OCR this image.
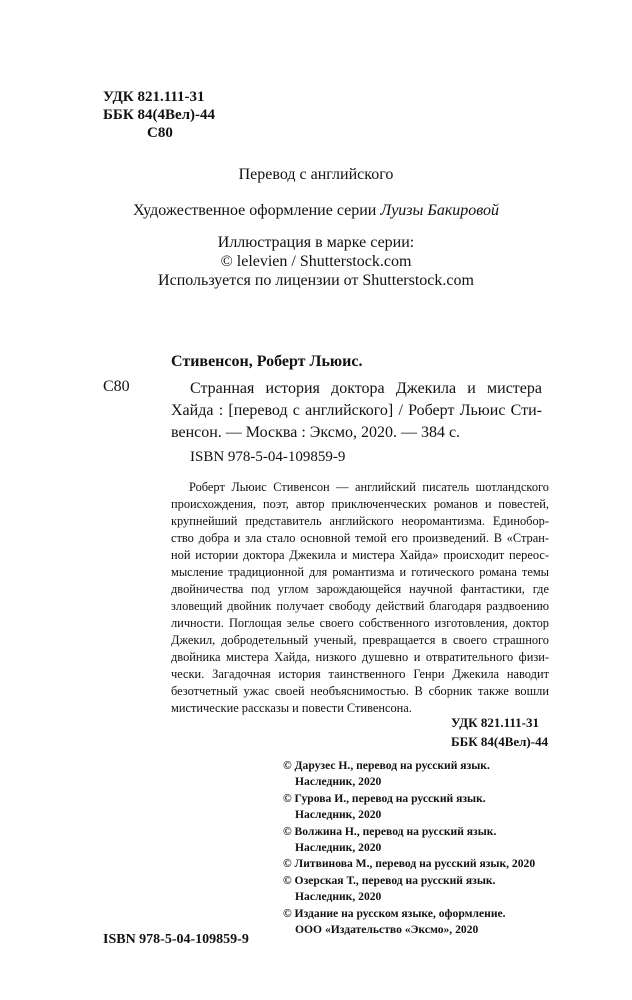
УДК 821.111-31
ББК 84(4Вел)-44
С80
Перевод с английского
Художественное оформление серии Луизы Бакировой
Иллюстрация в марке серии:
© lelevien / Shutterstock.com
Используется по лицензии от Shutterstock.com
Стивенсон, Роберт Льюис.
С80	Странная история доктора Джекила и мистера
Хайда : [перевод с английского] / Роберт Льюис Сти-
венсон. — Москва : Эксмо, 2020. — 384 с.
ISBN 978-5-04-109859-9
Роберт Льюис Стивенсон — английский писатель шотландского
происхождения, поэт, автор приключенческих романов и повестей,
крупнейший представитель английского неоромантизма. Единобор-
ство добра и зла стало основной темой его произведений. В «Стран-
ной истории доктора Джекила и мистера Хайда» происходит переос-
мысление традиционной для романтизма и готического романа темы
двойничества под углом зарождающейся научной фантастики, где
зловещий двойник получает свободу действий благодаря раздвоению
личности. Поглощая зелье своего собственного изготовления, доктор
Джекил, добродетельный ученый, превращается в своего страшного
двойника мистера Хайда, низкого душевно и отвратительного физи-
чески. Загадочная история таинственного Генри Джекила наводит
безотчетный ужас своей необъяснимостью. В сборник также вошли
мистические рассказы и повести Стивенсона.
УДК 821.111-31
ББК 84(4Вел)-44
© Дарузес Н., перевод на русский язык.
Наследник, 2020
© Гурова И., перевод на русский язык.
Наследник, 2020
© Волжина Н., перевод на русский язык.
Наследник, 2020
© Литвинова М., перевод на русский язык, 2020
© Озерская Т., перевод на русский язык.
Наследник, 2020
© Издание на русском языке, оформление.
ООО «Издательство «Эксмо», 2020
ISBN 978-5-04-109859-9
